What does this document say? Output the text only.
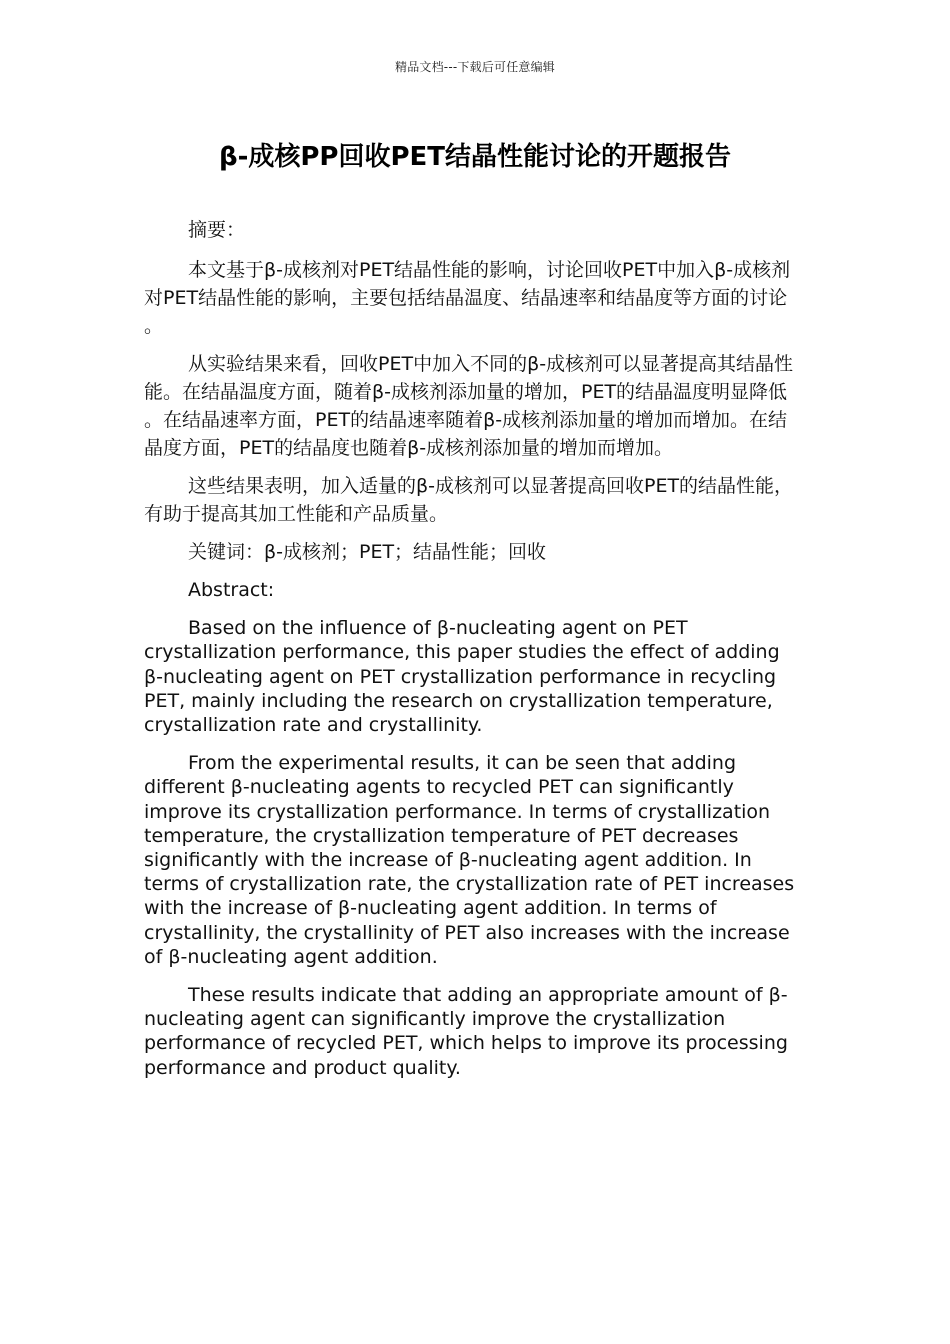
精品文档---下载后可任意编辑
β-成核PP回收PET结晶性能讨论的开题报告

摘要：

本文基于β-成核剂对PET结晶性能的影响，讨论回收PET中加入β-成核剂对PET结晶性能的影响，主要包括结晶温度、结晶速率和结晶度等方面的讨论。

从实验结果来看，回收PET中加入不同的β-成核剂可以显著提高其结晶性能。在结晶温度方面，随着β-成核剂添加量的增加，PET的结晶温度明显降低。在结晶速率方面，PET的结晶速率随着β-成核剂添加量的增加而增加。在结晶度方面，PET的结晶度也随着β-成核剂添加量的增加而增加。

这些结果表明，加入适量的β-成核剂可以显著提高回收PET的结晶性能，有助于提高其加工性能和产品质量。

关键词：β-成核剂；PET；结晶性能；回收

Abstract:

Based on the influence of β-nucleating agent on PET crystallization performance, this paper studies the effect of adding β-nucleating agent on PET crystallization performance in recycling PET, mainly including the research on crystallization temperature, crystallization rate and crystallinity.

From the experimental results, it can be seen that adding different β-nucleating agents to recycled PET can significantly improve its crystallization performance. In terms of crystallization temperature, the crystallization temperature of PET decreases significantly with the increase of β-nucleating agent addition. In terms of crystallization rate, the crystallization rate of PET increases with the increase of β-nucleating agent addition. In terms of crystallinity, the crystallinity of PET also increases with the increase of β-nucleating agent addition.

These results indicate that adding an appropriate amount of β-nucleating agent can significantly improve the crystallization performance of recycled PET, which helps to improve its processing performance and product quality.
